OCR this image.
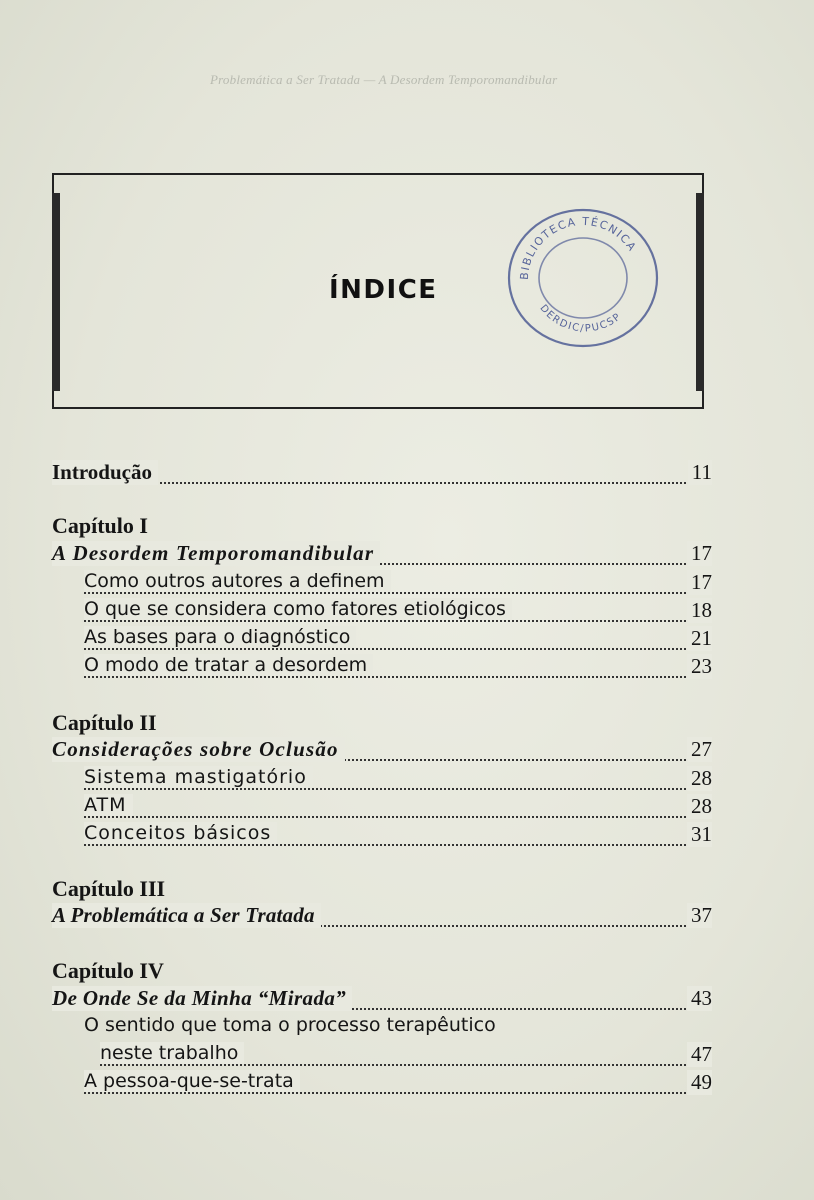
Problemática a Ser Tratada — A Desordem Temporomandibular
ÍNDICE	BIBLIOTECA TÉCNICA
DERDIC/PUCSP
Introdução	11
Capítulo I
A Desordem Temporomandibular	17
Como outros autores a definem	17
O que se considera como fatores etiológicos	18
As bases para o diagnóstico	21
O modo de tratar a desordem	23
Capítulo II
Considerações sobre Oclusão	27
Sistema mastigatório	28
ATM	28
Conceitos básicos	31
Capítulo III
A Problemática a Ser Tratada	37
Capítulo IV
De Onde Se da Minha “Mirada”	43
O sentido que toma o processo terapêutico
neste trabalho	47
A pessoa-que-se-trata	49
